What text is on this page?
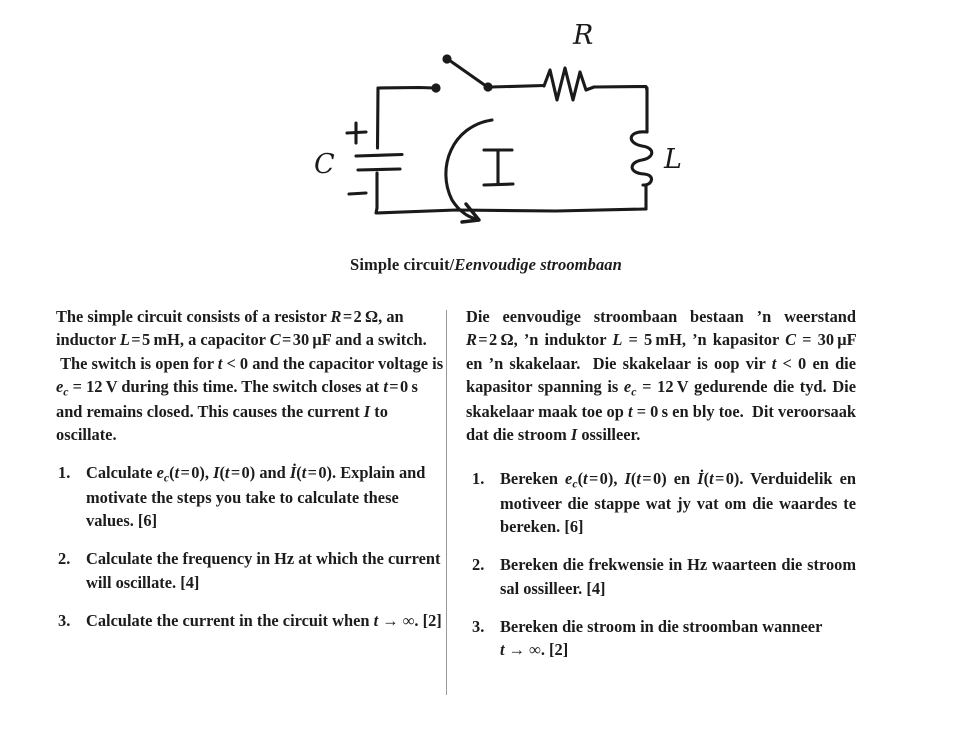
R
L
C
Simple circuit/Eenvoudige stroombaan

The simple circuit consists of a resistor R = 2 Ω, an inductor L = 5 mH, a capacitor C = 30 μF and a switch.  The switch is open for t < 0 and the capacitor voltage is $e_c = 12$ V during this time. The switch closes at t = 0 s and remains closed. This causes the current I to oscillate.

1. Calculate $e_c(t$ = 0), I(t = 0) and İ(t = 0). Explain and motivate the steps you take to calculate these values. [6]
2. Calculate the frequency in Hz at which the current will oscillate. [4]
3. Calculate the current in the circuit when t → ∞. [2]

Die eenvoudige stroombaan bestaan ’n weerstand R = 2 Ω, ’n induktor L = 5 mH, ’n kapasitor C = 30 μF en ’n skakelaar.  Die skakelaar is oop vir t < 0 en die kapasitor spanning is $e_c = 12$ V gedurende die tyd. Die skakelaar maak toe op t = 0 s en bly toe.  Dit veroorsaak dat die stroom I ossilleer.

1. Bereken $e_c(t$ = 0), I(t = 0) en İ(t = 0). Verduidelik en motiveer die stappe wat jy vat om die waardes te bereken. [6]
2. Bereken die frekwensie in Hz waarteen die stroom sal ossilleer. [4]
3. Bereken die stroom in die stroomban wanneer t → ∞. [2]
